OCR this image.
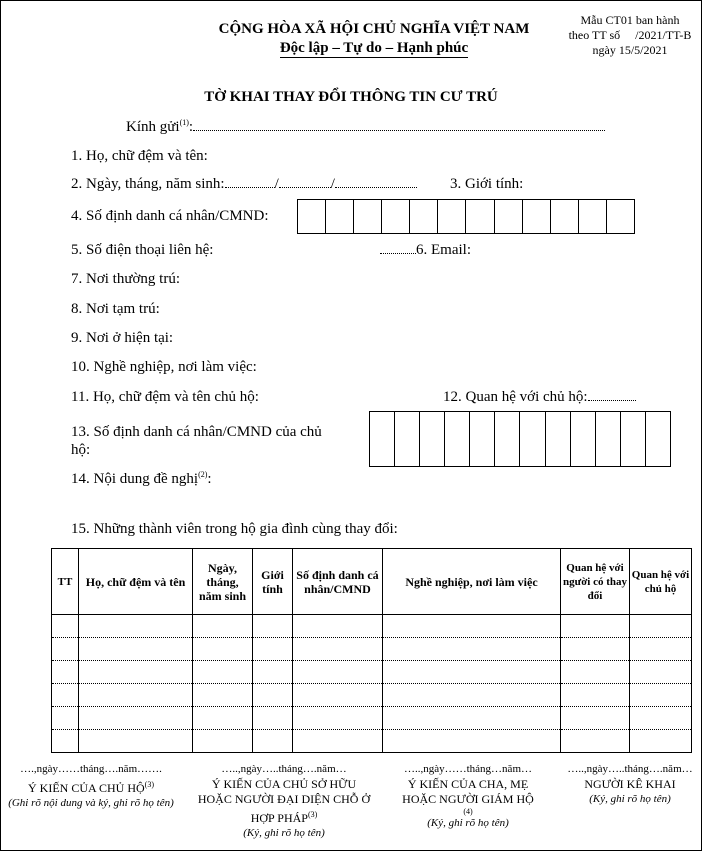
CỘNG HÒA XÃ HỘI CHỦ NGHĨA VIỆT NAM
Độc lập – Tự do – Hạnh phúc
Mẫu CT01 ban hành
theo TT số     /2021/TT-B
ngày 15/5/2021
TỜ KHAI THAY ĐỔI THÔNG TIN CƯ TRÚ
Kính gửi$^{(1)}$:
1. Họ, chữ đệm và tên:
2. Ngày, tháng, năm sinh:	/	/	3. Giới tính:
4. Số định danh cá nhân/CMND:
5. Số điện thoại liên hệ:	6. Email:
7. Nơi thường trú:
8. Nơi tạm trú:
9. Nơi ở hiện tại:
10. Nghề nghiệp, nơi làm việc:
11. Họ, chữ đệm và tên chủ hộ:	12. Quan hệ với chủ hộ:
13. Số định danh cá nhân/CMND của chủ
hộ:
14. Nội dung đề nghị$^{(2)}$:
15. Những thành viên trong hộ gia đình cùng thay đổi:
TT	Họ, chữ đệm và tên	Ngày, tháng, năm sinh	Giới tính	Số định danh cá nhân/CMND	Nghề nghiệp, nơi làm việc	Quan hệ với người có thay đổi	Quan hệ với chủ hộ

….,ngày……tháng….năm…….
Ý KIẾN CỦA CHỦ HỘ$^{(3)}$
(Ghi rõ nội dung và ký, ghi rõ họ tên)
…..,ngày…..tháng….năm…
Ý KIẾN CỦA CHỦ SỞ HỮU HOẶC NGƯỜI ĐẠI DIỆN CHỖ Ở HỢP PHÁP$^{(3)}$
(Ký, ghi rõ họ tên)
…..,ngày……tháng…năm…
Ý KIẾN CỦA CHA, MẸ HOẶC NGƯỜI GIÁM HỘ
(4)
(Ký, ghi rõ họ tên)
…..,ngày…..tháng….năm…
NGƯỜI KÊ KHAI
(Ký, ghi rõ họ tên)
